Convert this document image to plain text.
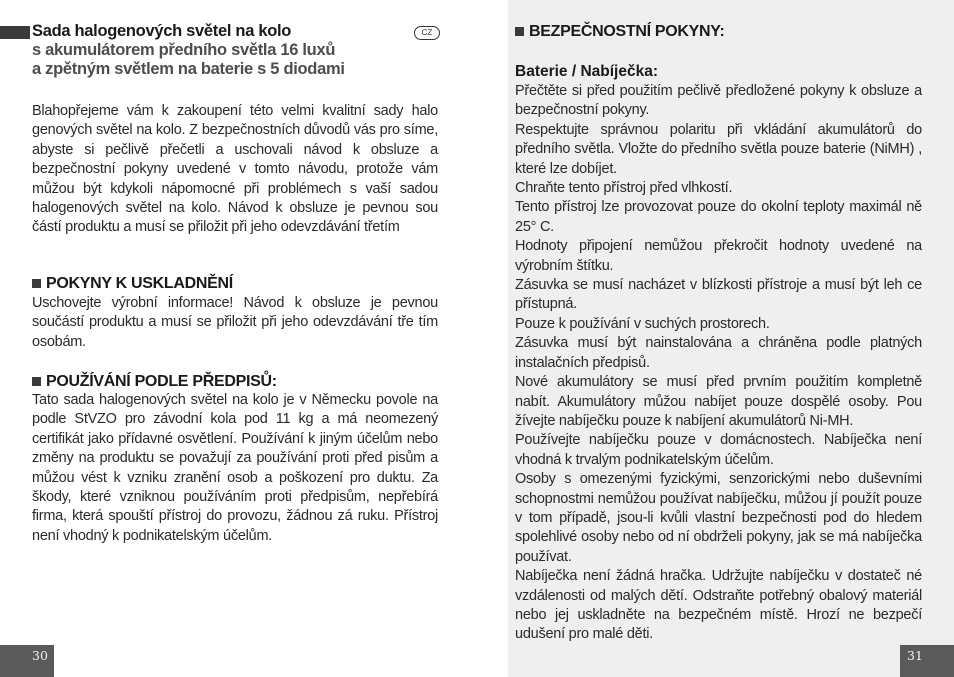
Sada halogenových světel na kolo
s akumulátorem předního světla 16 luxů
a zpětným světlem na baterie s 5 diodami
CZ
Blahopřejeme vám k zakoupení této velmi kvalitní sady halo genových světel na kolo. Z bezpečnostních důvodů vás pro síme, abyste si pečlivě přečetli a uschovali návod k obsluze a bezpečnostní pokyny uvedené v tomto návodu, protože vám můžou být kdykoli nápomocné při problémech s vaší sadou halogenových světel na kolo. Návod k obsluze je pevnou sou částí produktu a musí se přiložit při jeho odevzdávání třetím
POKYNY K USKLADNĚNÍ
Uschovejte výrobní informace! Návod k obsluze je pevnou součástí produktu a musí se přiložit při jeho odevzdávání tře tím osobám.
POUŽÍVÁNÍ PODLE PŘEDPISŮ:
Tato sada halogenových světel na kolo je v Německu povole na podle StVZO pro závodní kola pod 11 kg a má neomezený certifikát jako přídavné osvětlení. Používání k jiným účelům nebo změny na produktu se považují za používání proti před pisům a můžou vést k vzniku zranění osob a poškození pro duktu. Za škody, které vzniknou používáním proti předpisům, nepřebírá firma, která spouští přístroj do provozu, žádnou zá ruku. Přístroj není vhodný k podnikatelským účelům.
30
BEZPEČNOSTNÍ POKYNY:
Baterie / Nabíječka:

Přečtěte si před použitím pečlivě předložené pokyny k obsluze a bezpečnostní pokyny.

Respektujte správnou polaritu při vkládání akumulátorů do předního světla. Vložte do předního světla pouze baterie (NiMH) , které lze dobíjet.

Chraňte tento přístroj před vlhkostí.

Tento přístroj lze provozovat pouze do okolní teploty maximál ně 25° C.

Hodnoty připojení nemůžou překročit hodnoty uvedené na výrobním štítku.

Zásuvka se musí nacházet v blízkosti přístroje a musí být leh ce přístupná.

Pouze k používání v suchých prostorech.

Zásuvka musí být nainstalována a chráněna podle platných instalačních předpisů.

Nové akumulátory se musí před prvním použitím kompletně nabít. Akumulátory můžou nabíjet pouze dospělé osoby. Pou žívejte nabíječku pouze k nabíjení akumulátorů Ni-MH.

Používejte nabíječku pouze v domácnostech. Nabíječka není vhodná k trvalým podnikatelským účelům.

Osoby s omezenými fyzickými, senzorickými nebo duševními schopnostmi nemůžou používat nabíječku, můžou jí použít pouze v tom případě, jsou-li kvůli vlastní bezpečnosti pod do hledem spolehlivé osoby nebo od ní obdrželi pokyny, jak se má nabíječka používat.

Nabíječka není žádná hračka. Udržujte nabíječku v dostateč né vzdálenosti od malých dětí. Odstraňte potřebný obalový materiál nebo jej uskladněte na bezpečném místě. Hrozí ne bezpečí udušení pro malé děti.

31
